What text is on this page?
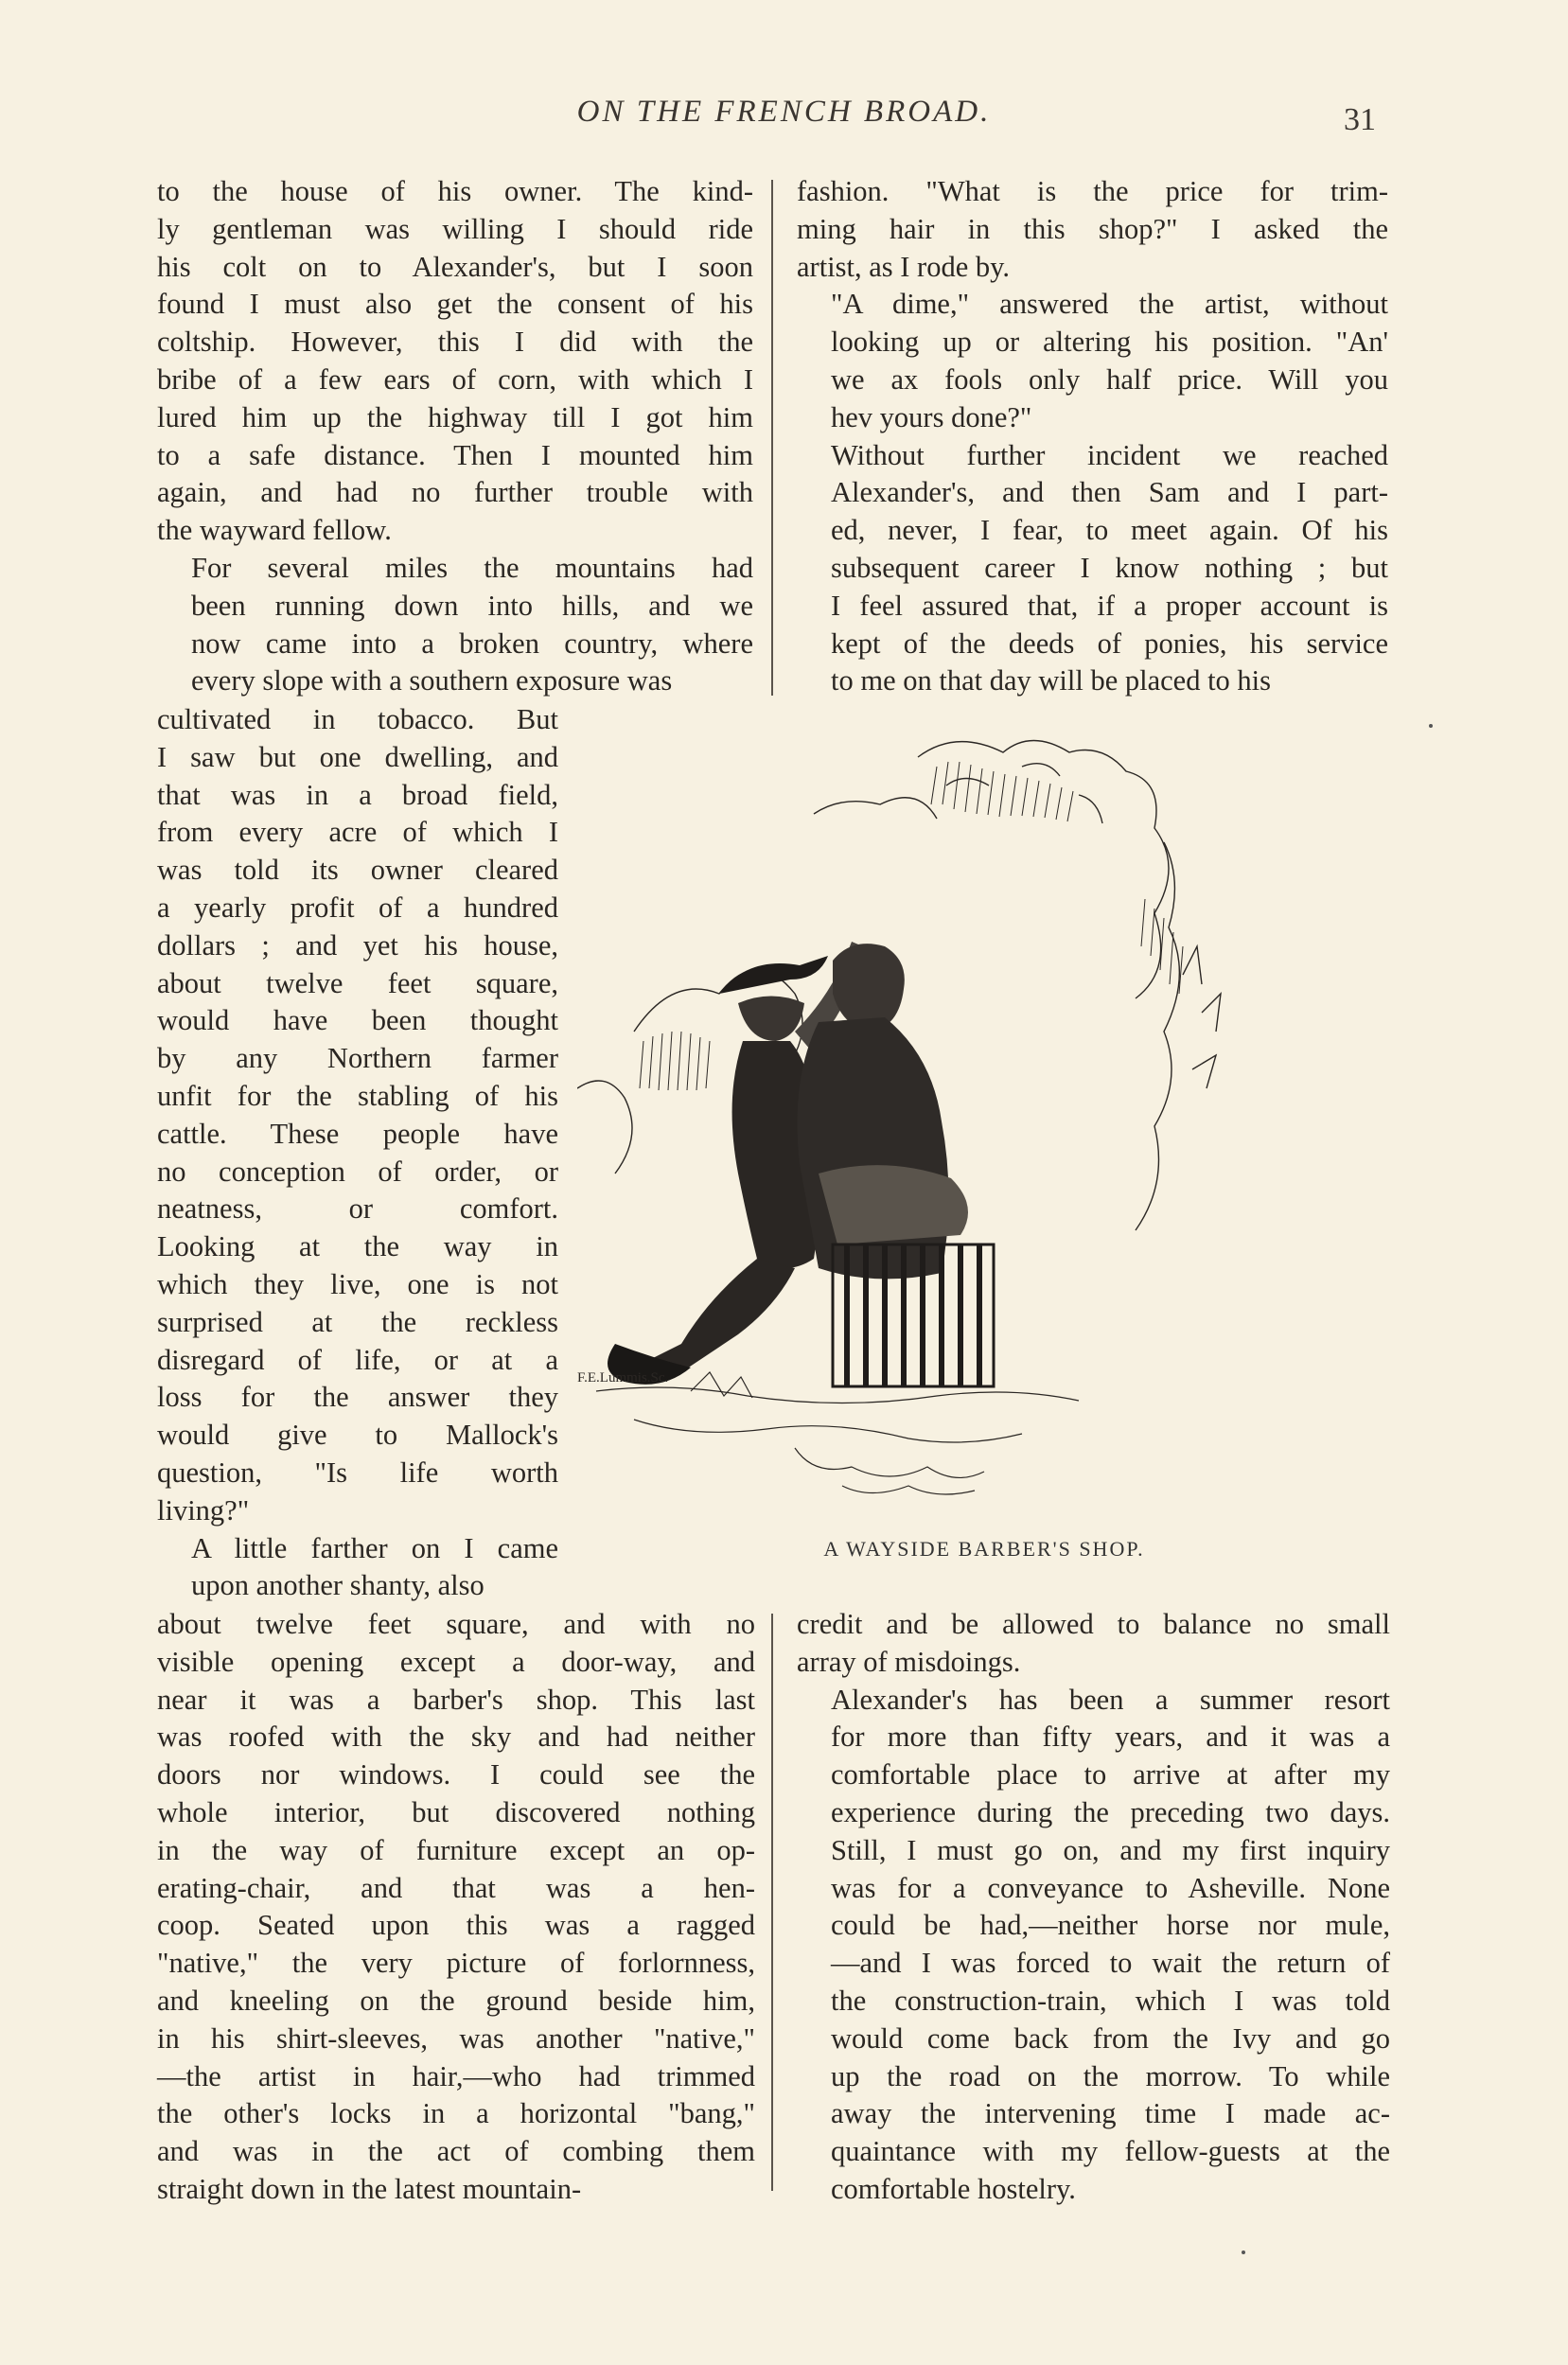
ON THE FRENCH BROAD.	31

to the house of his owner. The kind-
ly gentleman was willing I should ride
his colt on to Alexander's, but I soon
found I must also get the consent of his
coltship. However, this I did with the
bribe of a few ears of corn, with which I
lured him up the highway till I got him
to a safe distance. Then I mounted him
again, and had no further trouble with
the wayward fellow.

For several miles the mountains had
been running down into hills, and we
now came into a broken country, where
every slope with a southern exposure was

cultivated in tobacco. But
I saw but one dwelling, and
that was in a broad field,
from every acre of which I
was told its owner cleared
a yearly profit of a hundred
dollars ; and yet his house,
about twelve feet square,
would have been thought
by any Northern farmer
unfit for the stabling of his
cattle. These people have
no conception of order, or
neatness, or comfort.
Looking at the way in
which they live, one is not
surprised at the reckless
disregard of life, or at a
loss for the answer they
would give to Mallock's
question, "Is life worth
living?"

A little farther on I came
upon another shanty, also

about twelve feet square, and with no
visible opening except a door-way, and
near it was a barber's shop. This last
was roofed with the sky and had neither
doors nor windows. I could see the
whole interior, but discovered nothing
in the way of furniture except an op-
erating-chair, and that was a hen-
coop. Seated upon this was a ragged
"native," the very picture of forlornness,
and kneeling on the ground beside him,
in his shirt-sleeves, was another "native,"
—the artist in hair,—who had trimmed
the other's locks in a horizontal "bang,"
and was in the act of combing them
straight down in the latest mountain-

fashion. "What is the price for trim-
ming hair in this shop?" I asked the
artist, as I rode by.

"A dime," answered the artist, without
looking up or altering his position. "An'
we ax fools only half price. Will you
hev yours done?"

Without further incident we reached
Alexander's, and then Sam and I part-
ed, never, I fear, to meet again. Of his
subsequent career I know nothing ; but
I feel assured that, if a proper account is
kept of the deeds of ponies, his service
to me on that day will be placed to his

F.E.Lummis.Sc.
A WAYSIDE BARBER'S SHOP.

credit and be allowed to balance no small
array of misdoings.

Alexander's has been a summer resort
for more than fifty years, and it was a
comfortable place to arrive at after my
experience during the preceding two days.
Still, I must go on, and my first inquiry
was for a conveyance to Asheville. None
could be had,—neither horse nor mule,
—and I was forced to wait the return of
the construction-train, which I was told
would come back from the Ivy and go
up the road on the morrow. To while
away the intervening time I made ac-
quaintance with my fellow-guests at the
comfortable hostelry.
